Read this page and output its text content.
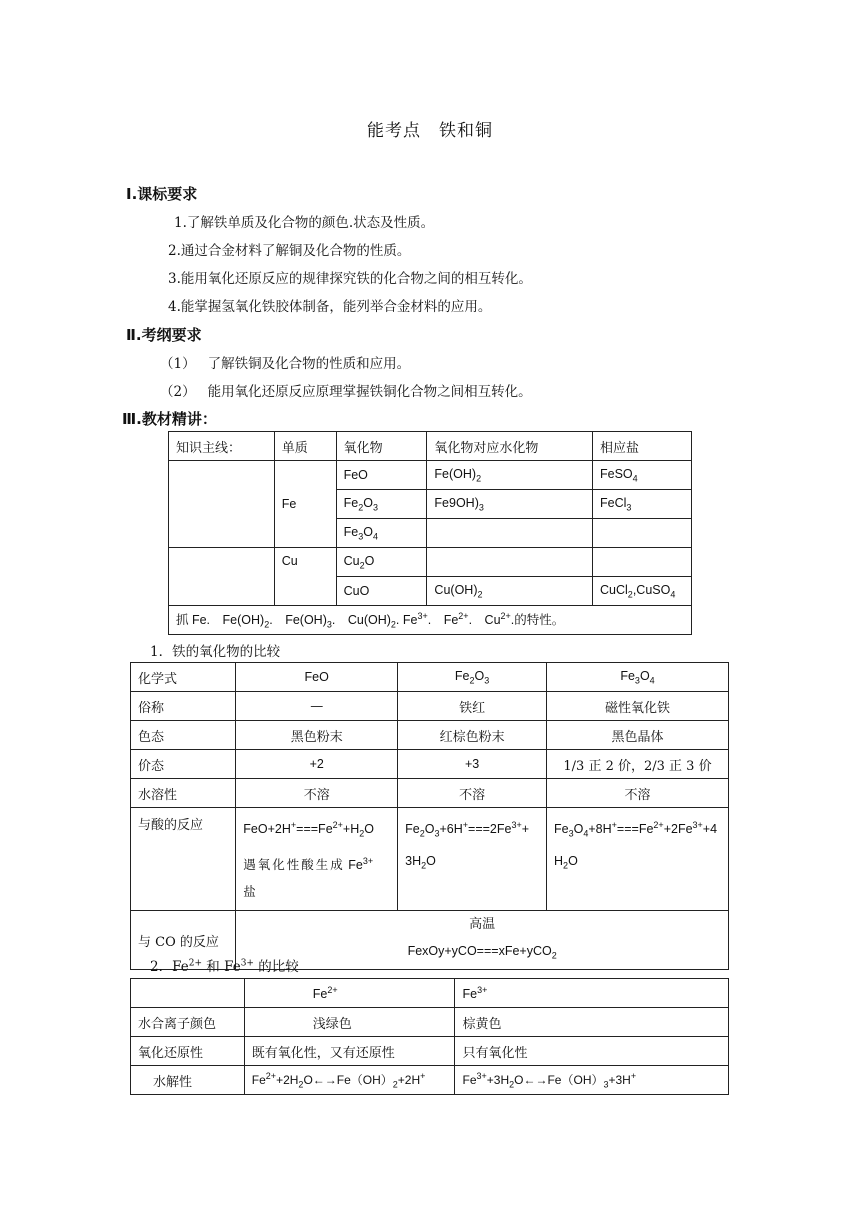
能考点　铁和铜
Ⅰ.课标要求
1.了解铁单质及化合物的颜色.状态及性质。
2.通过合金材料了解铜及化合物的性质。
3.能用氧化还原反应的规律探究铁的化合物之间的相互转化。
4.能掌握氢氧化铁胶体制备，能列举合金材料的应用。
Ⅱ.考纲要求
（1） 了解铁铜及化合物的性质和应用。
（2） 能用氧化还原反应原理掌握铁铜化合物之间相互转化。
Ⅲ.教材精讲：
知识主线：	单质	氧化物	氧化物对应水化物	相应盐
	Fe	FeO	$Fe(OH)_2$	FeSO$_4$
		$Fe_2O_3$	$Fe9OH)_3$	FeCl$_3$
		$Fe_3O_4$		
	Cu	$Cu_2O$		
		CuO	$Cu(OH)_2$	CuCl$_2$,CuSO$_4$
抓 Fe.　$Fe(OH)_2$.　$Fe(OH)_3$.　$Cu(OH)_2$. $Fe^{3+}$.　$Fe^{2+}$.　$Cu^{2+}$.的特性。				
1．铁的氧化物的比较
化学式	FeO	$Fe_2O_3$	$Fe_3O_4$
俗称	—	铁红	磁性氧化铁
色态	黑色粉末	红棕色粉末	黑色晶体
价态	+2	+3	1/3 正 2 价，2/3 正 3 价
水溶性	不溶	不溶	不溶
与酸的反应	$FeO+2H^+===Fe^{2+}+H_2O$
遇氧化性酸生成 $Fe^{3+}$
盐	$Fe_2O_3+6H^+===2Fe^{3+}+$
$3H_2O$	$Fe_3O_4+8H^+===Fe^{2+}+2Fe^{3+}+4$
$H_2O$
与 CO 的反应	高温
FexOy+yCO===xFe+yCO$_2$
2．$Fe^{2+}$ 和 $Fe^{3+}$ 的比较
	$Fe^{2+}$	$Fe^{3+}$
水合离子颜色	浅绿色	棕黄色
氧化还原性	既有氧化性，又有还原性	只有氧化性
水解性	$Fe^{2+}+2H_2O\leftarrow\to Fe(OH)_2+2H^+$	$Fe^{3+}+3H_2O\leftarrow\to Fe(OH)_3+3H^+$
